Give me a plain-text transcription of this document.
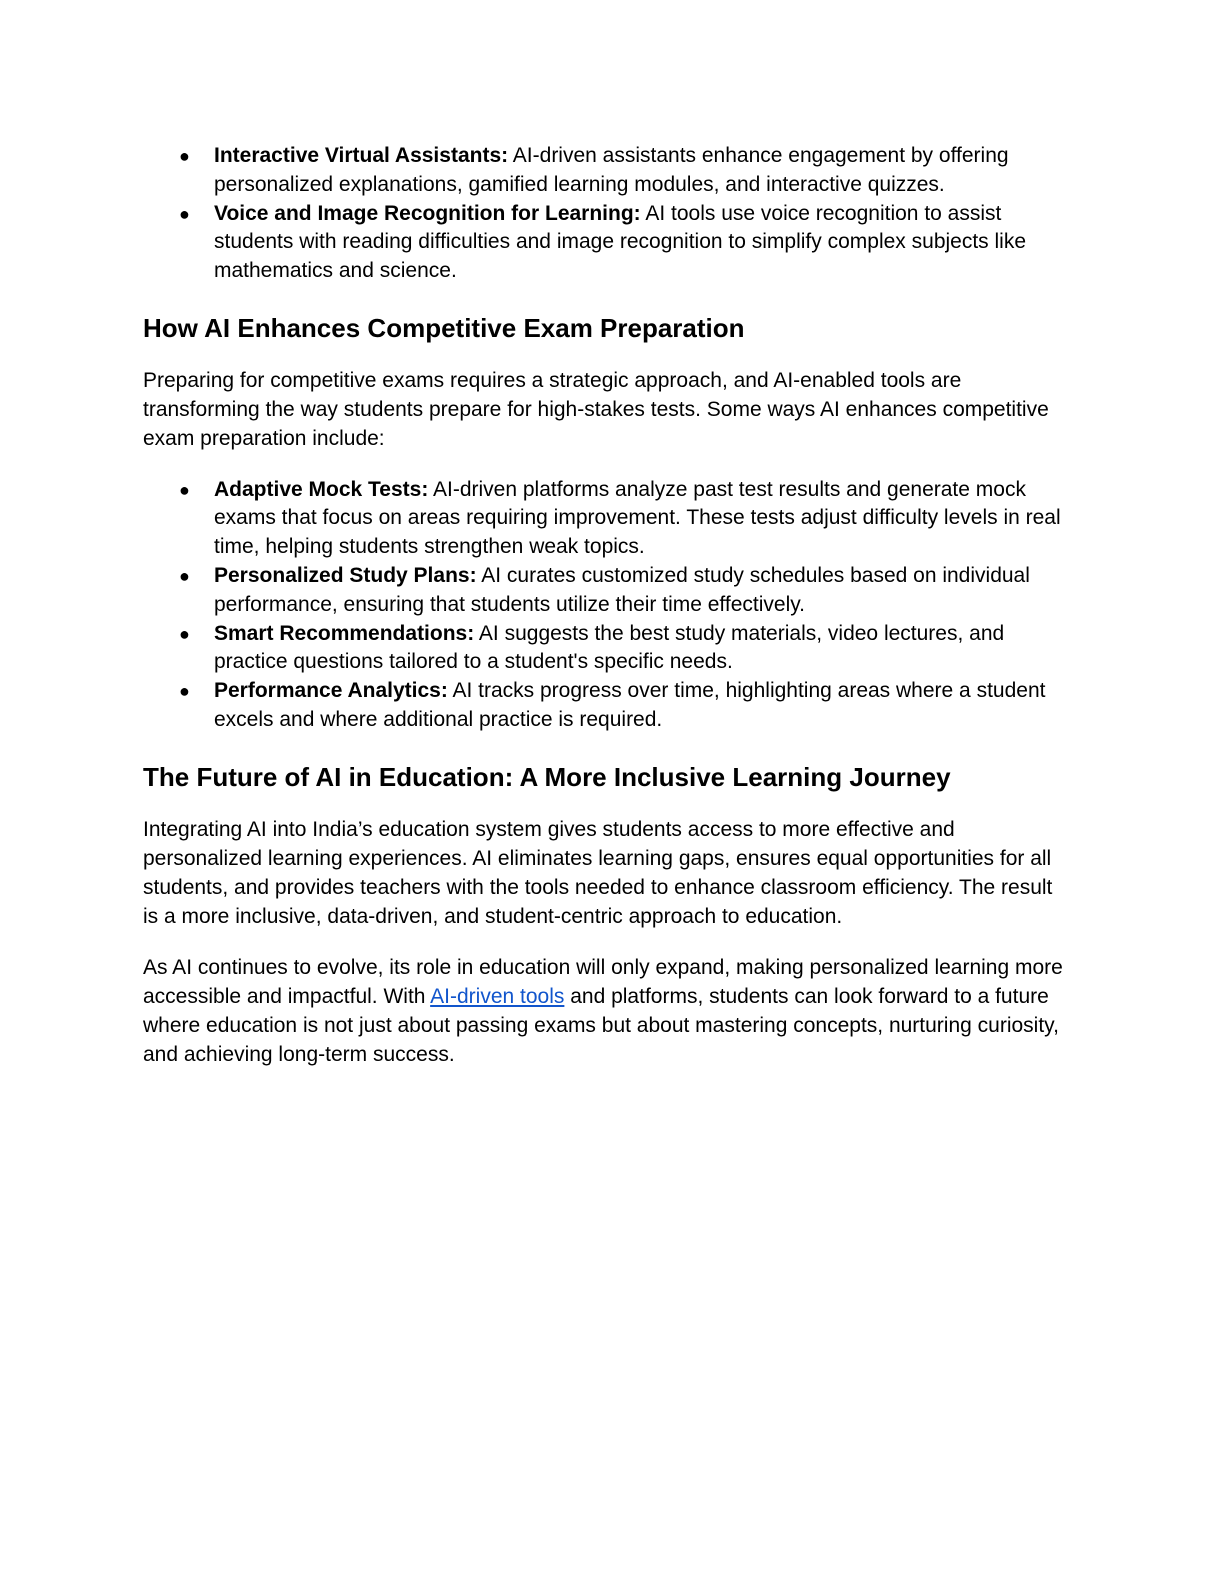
● Interactive Virtual Assistants: AI-driven assistants enhance engagement by offering personalized explanations, gamified learning modules, and interactive quizzes.
● Voice and Image Recognition for Learning: AI tools use voice recognition to assist students with reading difficulties and image recognition to simplify complex subjects like mathematics and science.
How AI Enhances Competitive Exam Preparation

Preparing for competitive exams requires a strategic approach, and AI-enabled tools are transforming the way students prepare for high-stakes tests. Some ways AI enhances competitive exam preparation include:

● Adaptive Mock Tests: AI-driven platforms analyze past test results and generate mock exams that focus on areas requiring improvement. These tests adjust difficulty levels in real time, helping students strengthen weak topics.
● Personalized Study Plans: AI curates customized study schedules based on individual performance, ensuring that students utilize their time effectively.
● Smart Recommendations: AI suggests the best study materials, video lectures, and practice questions tailored to a student's specific needs.
● Performance Analytics: AI tracks progress over time, highlighting areas where a student excels and where additional practice is required.
The Future of AI in Education: A More Inclusive Learning Journey

Integrating AI into India’s education system gives students access to more effective and personalized learning experiences. AI eliminates learning gaps, ensures equal opportunities for all students, and provides teachers with the tools needed to enhance classroom efficiency. The result is a more inclusive, data-driven, and student-centric approach to education.

As AI continues to evolve, its role in education will only expand, making personalized learning more accessible and impactful. With AI-driven tools and platforms, students can look forward to a future where education is not just about passing exams but about mastering concepts, nurturing curiosity, and achieving long-term success.
